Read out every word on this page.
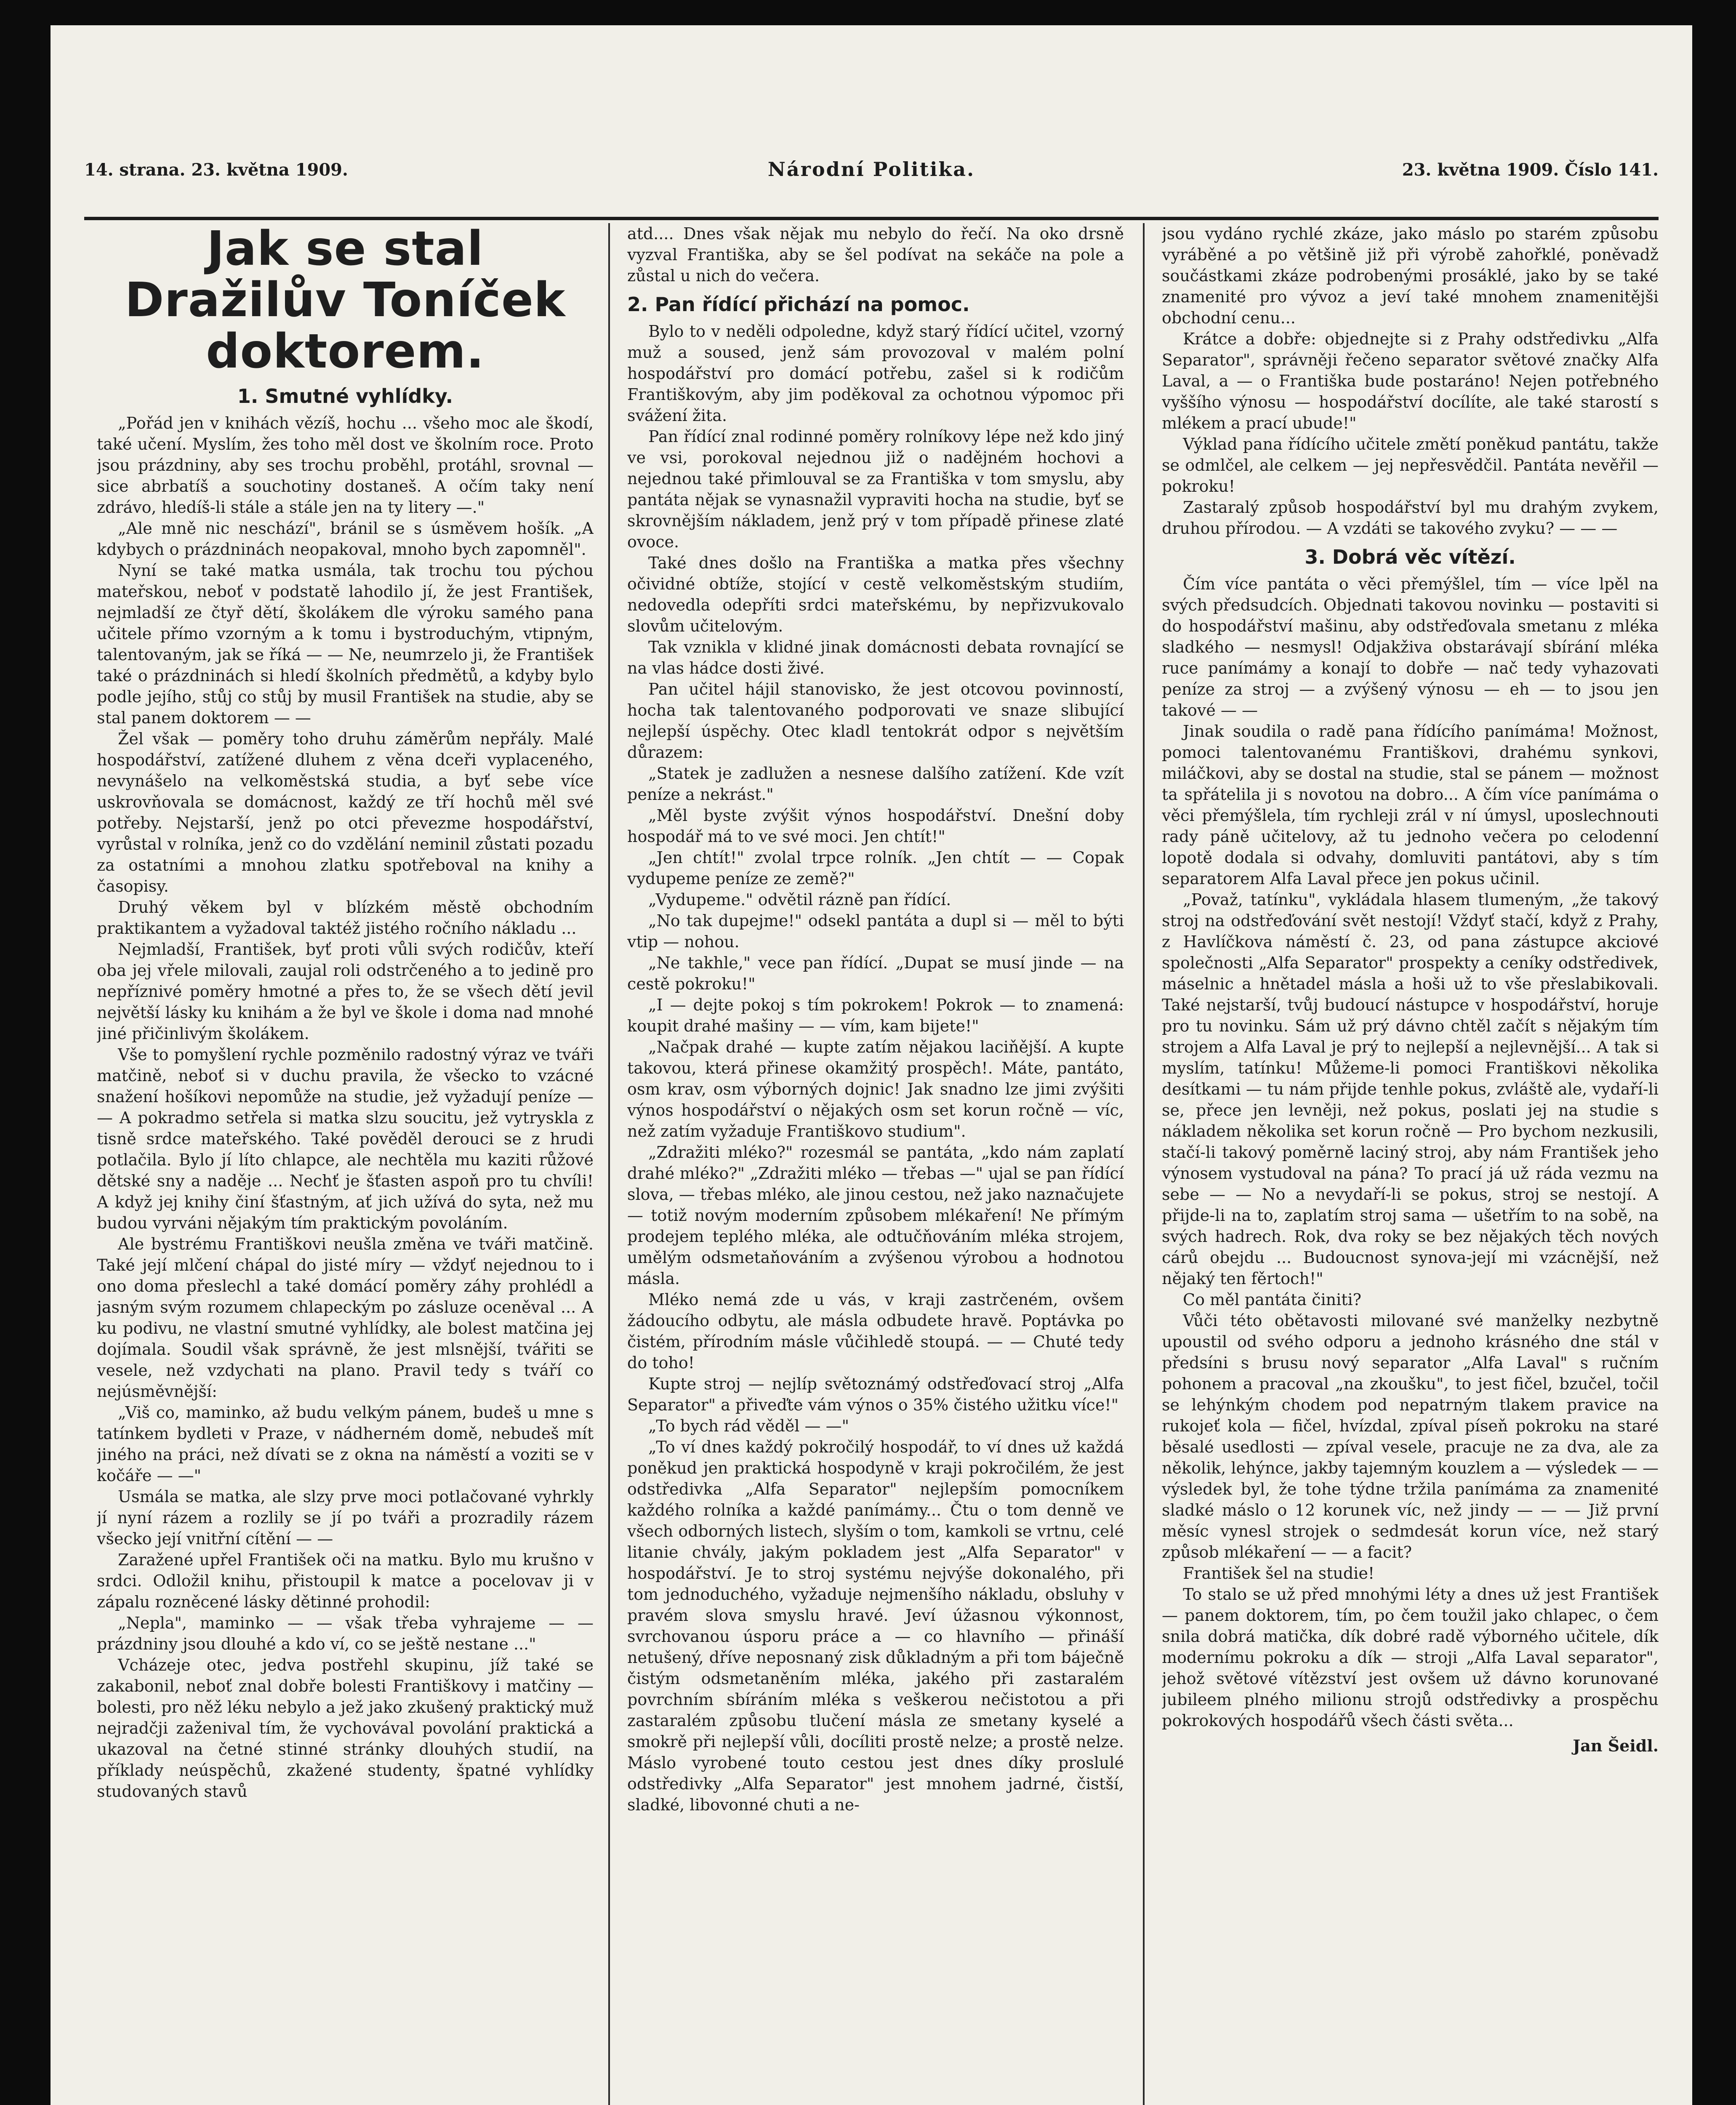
14. strana. 23. května 1909.	Národní Politika.	23. května 1909. Číslo 141.
Jak se stal Dražilův Toníček doktorem.
1. Smutné vyhlídky.

„Pořád jen v knihách vězíš, hochu ... všeho moc ale škodí, také učení. Myslím, žes toho měl dost ve školním roce. Proto jsou prázdniny, aby ses trochu proběhl, protáhl, srovnal — sice abrbatíš a souchotiny dostaneš. A očím taky není zdrávo, hledíš-li stále a stále jen na ty litery —."

„Ale mně nic neschází", bránil se s úsměvem hošík. „A kdybych o prázdninách neopakoval, mnoho bych zapomněl".

Nyní se také matka usmála, tak trochu tou pýchou mateřskou, neboť v podstatě lahodilo jí, že jest František, nejmladší ze čtyř dětí, školákem dle výroku samého pana učitele přímo vzorným a k tomu i bystroduchým, vtipným, talentovaným, jak se říká — — Ne, neumrzelo ji, že František také o prázdninách si hledí školních předmětů, a kdyby bylo podle jejího, stůj co stůj by musil František na studie, aby se stal panem doktorem — —

Žel však — poměry toho druhu záměrům nepřály. Malé hospodářství, zatížené dluhem z věna dceři vyplaceného, nevynášelo na velkoměstská studia, a byť sebe více uskrovňovala se domácnost, každý ze tří hochů měl své potřeby. Nejstarší, jenž po otci převezme hospodářství, vyrůstal v rolníka, jenž co do vzdělání neminil zůstati pozadu za ostatními a mnohou zlatku spotřeboval na knihy a časopisy.

Druhý věkem byl v blízkém městě obchodním praktikantem a vyžadoval taktéž jistého ročního nákladu ...

Nejmladší, František, byť proti vůli svých rodičův, kteří oba jej vřele milovali, zaujal roli odstrčeného a to jedině pro nepříznivé poměry hmotné a přes to, že se všech dětí jevil největší lásky ku knihám a že byl ve škole i doma nad mnohé jiné přičinlivým školákem.

Vše to pomyšlení rychle pozměnilo radostný výraz ve tváři matčině, neboť si v duchu pravila, že všecko to vzácné snažení hošíkovi nepomůže na studie, jež vyžadují peníze — — A pokradmo setřela si matka slzu soucitu, jež vytryskla z tisně srdce mateřského. Také pověděl derouci se z hrudi potlačila. Bylo jí líto chlapce, ale nechtěla mu kaziti růžové dětské sny a naděje ... Nechť je šťasten aspoň pro tu chvíli! A když jej knihy činí šťastným, ať jich užívá do syta, než mu budou vyrváni nějakým tím praktickým povoláním.

Ale bystrému Františkovi neušla změna ve tváři matčině. Také její mlčení chápal do jisté míry — vždyť nejednou to i ono doma přeslechl a také domácí poměry záhy prohlédl a jasným svým rozumem chlapeckým po zásluze oceněval ... A ku podivu, ne vlastní smutné vyhlídky, ale bolest matčina jej dojímala. Soudil však správně, že jest mlsnější, tvářiti se vesele, než vzdychati na plano. Pravil tedy s tváří co nejúsměvnější:

„Viš co, maminko, až budu velkým pánem, budeš u mne s tatínkem bydleti v Praze, v nádherném domě, nebudeš mít jiného na práci, než dívati se z okna na náměstí a voziti se v kočáře — —"

Usmála se matka, ale slzy prve moci potlačované vyhrkly jí nyní rázem a rozlily se jí po tváři a prozradily rázem všecko její vnitřní cítění — —

Zaražené upřel František oči na matku. Bylo mu krušno v srdci. Odložil knihu, přistoupil k matce a pocelovav ji v zápalu rozněcené lásky dětinné prohodil:

„Nepla", maminko — — však třeba vyhrajeme — — prázdniny jsou dlouhé a kdo ví, co se ještě nestane ..."

Vcházeje otec, jedva postřehl skupinu, jíž také se zakabonil, neboť znal dobře bolesti Františkovy i matčiny — bolesti, pro něž léku nebylo a jež jako zkušený praktický muž nejradčji zaženival tím, že vychovával povolání praktická a ukazoval na četné stinné stránky dlouhých studií, na příklady neúspěchů, zkažené studenty, špatné vyhlídky studovaných stavů

atd.... Dnes však nějak mu nebylo do řečí. Na oko drsně vyzval Františka, aby se šel podívat na sekáče na pole a zůstal u nich do večera.

2. Pan řídící přichází na pomoc.

Bylo to v neděli odpoledne, když starý řídící učitel, vzorný muž a soused, jenž sám provozoval v malém polní hospodářství pro domácí potřebu, zašel si k rodičům Františkovým, aby jim poděkoval za ochotnou výpomoc při svážení žita.

Pan řídící znal rodinné poměry rolníkovy lépe než kdo jiný ve vsi, porokoval nejednou již o nadějném hochovi a nejednou také přimlouval se za Františka v tom smyslu, aby pantáta nějak se vynasnažil vypraviti hocha na studie, byť se skrovnějším nákladem, jenž prý v tom případě přinese zlaté ovoce.

Také dnes došlo na Františka a matka přes všechny očividné obtíže, stojící v cestě velkoměstským studiím, nedovedla odepříti srdci mateřskému, by nepřizvukovalo slovům učitelovým.

Tak vznikla v klidné jinak domácnosti debata rovnající se na vlas hádce dosti živé.

Pan učitel hájil stanovisko, že jest otcovou povinností, hocha tak talentovaného podporovati ve snaze slibující nejlepší úspěchy. Otec kladl tentokrát odpor s největším důrazem:

„Statek je zadlužen a nesnese dalšího zatížení. Kde vzít peníze a nekrást."

„Měl byste zvýšit výnos hospodářství. Dnešní doby hospodář má to ve své moci. Jen chtít!"

„Jen chtít!" zvolal trpce rolník. „Jen chtít — — Copak vydupeme peníze ze země?"

„Vydupeme." odvětil rázně pan řídící.

„No tak dupejme!" odsekl pantáta a dupl si — měl to býti vtip — nohou.

„Ne takhle," vece pan řídící. „Dupat se musí jinde — na cestě pokroku!"

„I — dejte pokoj s tím pokrokem! Pokrok — to znamená: koupit drahé mašiny — — vím, kam bijete!"

„Načpak drahé — kupte zatím nějakou laciňější. A kupte takovou, která přinese okamžitý prospěch!. Máte, pantáto, osm krav, osm výborných dojnic! Jak snadno lze jimi zvýšiti výnos hospodářství o nějakých osm set korun ročně — víc, než zatím vyžaduje Františkovo studium".

„Zdražiti mléko?" rozesmál se pantáta, „kdo nám zaplatí drahé mléko?" „Zdražiti mléko — třebas —" ujal se pan řídící slova, — třebas mléko, ale jinou cestou, než jako naznačujete — totiž novým moderním způsobem mlékaření! Ne přímým prodejem teplého mléka, ale odtučňováním mléka strojem, umělým odsmetaňováním a zvýšenou výrobou a hodnotou másla.

Mléko nemá zde u vás, v kraji zastrčeném, ovšem žádoucího odbytu, ale másla odbudete hravě. Poptávka po čistém, přírodním másle vůčihledě stoupá. — — Chuté tedy do toho!

Kupte stroj — nejlíp světoznámý odstřeďovací stroj „Alfa Separator" a přiveďte vám výnos o 35% čistého užitku více!"

„To bych rád věděl — —"

„To ví dnes každý pokročilý hospodář, to ví dnes už každá poněkud jen praktická hospodyně v kraji pokročilém, že jest odstředivka „Alfa Separator" nejlepším pomocníkem každého rolníka a každé panímámy... Čtu o tom denně ve všech odborných listech, slyším o tom, kamkoli se vrtnu, celé litanie chvály, jakým pokladem jest „Alfa Separator" v hospodářství. Je to stroj systému nejvýše dokonalého, při tom jednoduchého, vyžaduje nejmenšího nákladu, obsluhy v pravém slova smyslu hravé. Jeví úžasnou výkonnost, svrchovanou úsporu práce a — co hlavního — přináší netušený, dříve neposnaný zisk důkladným a při tom báječně čistým odsmetaněním mléka, jakého při zastaralém povrchním sbíráním mléka s veškerou nečistotou a při zastaralém způsobu tlučení másla ze smetany kyselé a smokrě při nejlepší vůli, docíliti prostě nelze; a prostě nelze. Máslo vyrobené touto cestou jest dnes díky proslulé odstředivky „Alfa Separator" jest mnohem jadrné, čistší, sladké, libovonné chuti a ne-

jsou vydáno rychlé zkáze, jako máslo po starém způsobu vyráběné a po většině již při výrobě zahořklé, poněvadž součástkami zkáze podrobenými prosáklé, jako by se také znamenité pro vývoz a jeví také mnohem znamenitějši obchodní cenu...

Krátce a dobře: objednejte si z Prahy odstředivku „Alfa Separator", správněji řečeno separator světové značky Alfa Laval, a — o Františka bude postaráno! Nejen potřebného vyššího výnosu — hospodářství docílíte, ale také starostí s mlékem a prací ubude!"

Výklad pana řídícího učitele změtí poněkud pantátu, takže se odmlčel, ale celkem — jej nepřesvědčil. Pantáta nevěřil — pokroku!

Zastaralý způsob hospodářství byl mu drahým zvykem, druhou přírodou. — A vzdáti se takového zvyku? — — —

3. Dobrá věc vítězí.

Čím více pantáta o věci přemýšlel, tím — více lpěl na svých předsudcích. Objednati takovou novinku — postaviti si do hospodářství mašinu, aby odstřeďovala smetanu z mléka sladkého — nesmysl! Odjakživa obstarávají sbírání mléka ruce panímámy a konají to dobře — nač tedy vyhazovati peníze za stroj — a zvýšený výnosu — eh — to jsou jen takové — —

Jinak soudila o radě pana řídícího panímáma! Možnost, pomoci talentovanému Františkovi, drahému synkovi, miláčkovi, aby se dostal na studie, stal se pánem — možnost ta spřátelila ji s novotou na dobro... A čím více panímáma o věci přemýšlela, tím rychleji zrál v ní úmysl, uposlechnouti rady páně učitelovy, až tu jednoho večera po celodenní lopotě dodala si odvahy, domluviti pantátovi, aby s tím separatorem Alfa Laval přece jen pokus učinil.

„Považ, tatínku", vykládala hlasem tlumeným, „že takový stroj na odstřeďování svět nestojí! Vždyť stačí, když z Prahy, z Havlíčkova náměstí č. 23, od pana zástupce akciové společnosti „Alfa Separator" prospekty a ceníky odstředivek, máselnic a hnětadel másla a hoši už to vše přeslabikovali. Také nejstarší, tvůj budoucí nástupce v hospodářství, horuje pro tu novinku. Sám už prý dávno chtěl začít s nějakým tím strojem a Alfa Laval je prý to nejlepší a nejlevnější... A tak si myslím, tatínku! Můžeme-li pomoci Františkovi několika desítkami — tu nám přijde tenhle pokus, zvláště ale, vydaří-li se, přece jen levněji, než pokus, poslati jej na studie s nákladem několika set korun ročně — Pro bychom nezkusili, stačí-li takový poměrně laciný stroj, aby nám František jeho výnosem vystudoval na pána? To prací já už ráda vezmu na sebe — — No a nevydaří-li se pokus, stroj se nestojí. A přijde-li na to, zaplatím stroj sama — ušetřím to na sobě, na svých hadrech. Rok, dva roky se bez nějakých těch nových cárů obejdu ... Budoucnost synova-její mi vzácnější, než nějaký ten fěrtoch!"

Co měl pantáta činiti?

Vůči této obětavosti milované své manželky nezbytně upoustil od svého odporu a jednoho krásného dne stál v předsíni s brusu nový separator „Alfa Laval" s ručním pohonem a pracoval „na zkoušku", to jest fičel, bzučel, točil se lehýnkým chodem pod nepatrným tlakem pravice na rukojeť kola — fičel, hvízdal, zpíval píseň pokroku na staré běsalé usedlosti — zpíval vesele, pracuje ne za dva, ale za několik, lehýnce, jakby tajemným kouzlem a — výsledek — — výsledek byl, že tohe týdne tržila panímáma za znamenité sladké máslo o 12 korunek víc, než jindy — — — Již první měsíc vynesl strojek o sedmdesát korun více, než starý způsob mlékaření — — a facit?

František šel na studie!

To stalo se už před mnohými léty a dnes už jest František — panem doktorem, tím, po čem toužil jako chlapec, o čem snila dobrá matička, dík dobré radě výborného učitele, dík modernímu pokroku a dík — stroji „Alfa Laval separator", jehož světové vítězství jest ovšem už dávno korunované jubileem plného milionu strojů odstředivky a prospěchu pokrokových hospodářů všech části světa...

Jan Šeidl.
